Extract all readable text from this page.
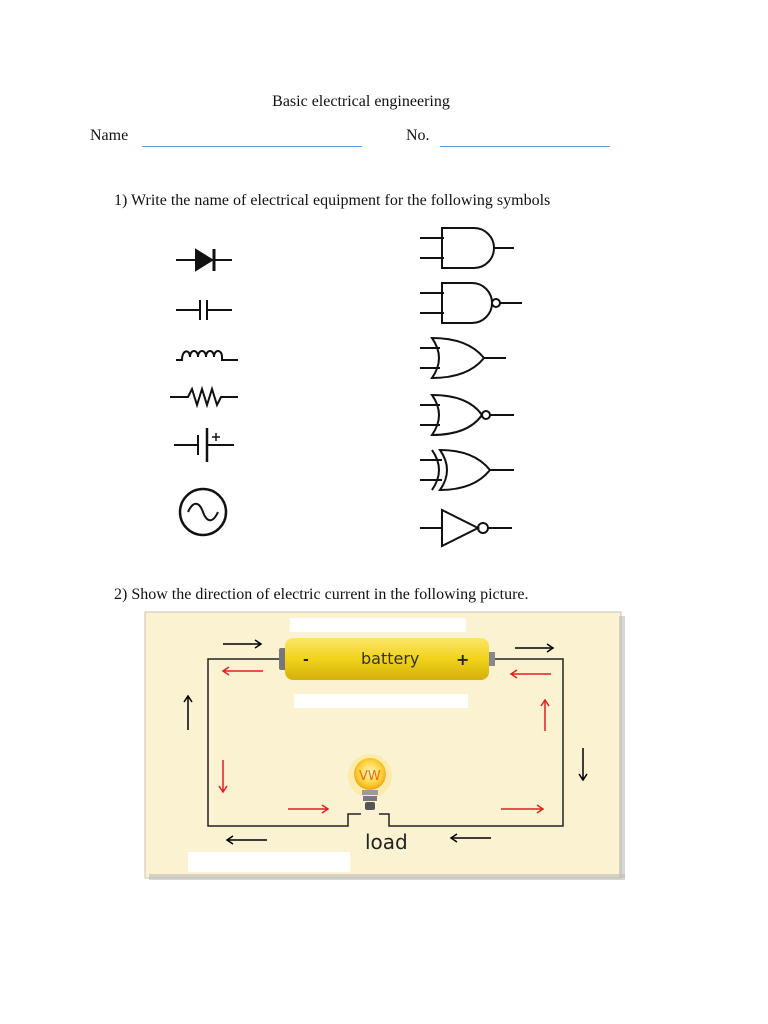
Basic electrical engineering
Name	No.
1) Write the name of electrical equipment for the following symbols
2) Show the direction of electric current in the following picture.
-	battery +
VW
load
